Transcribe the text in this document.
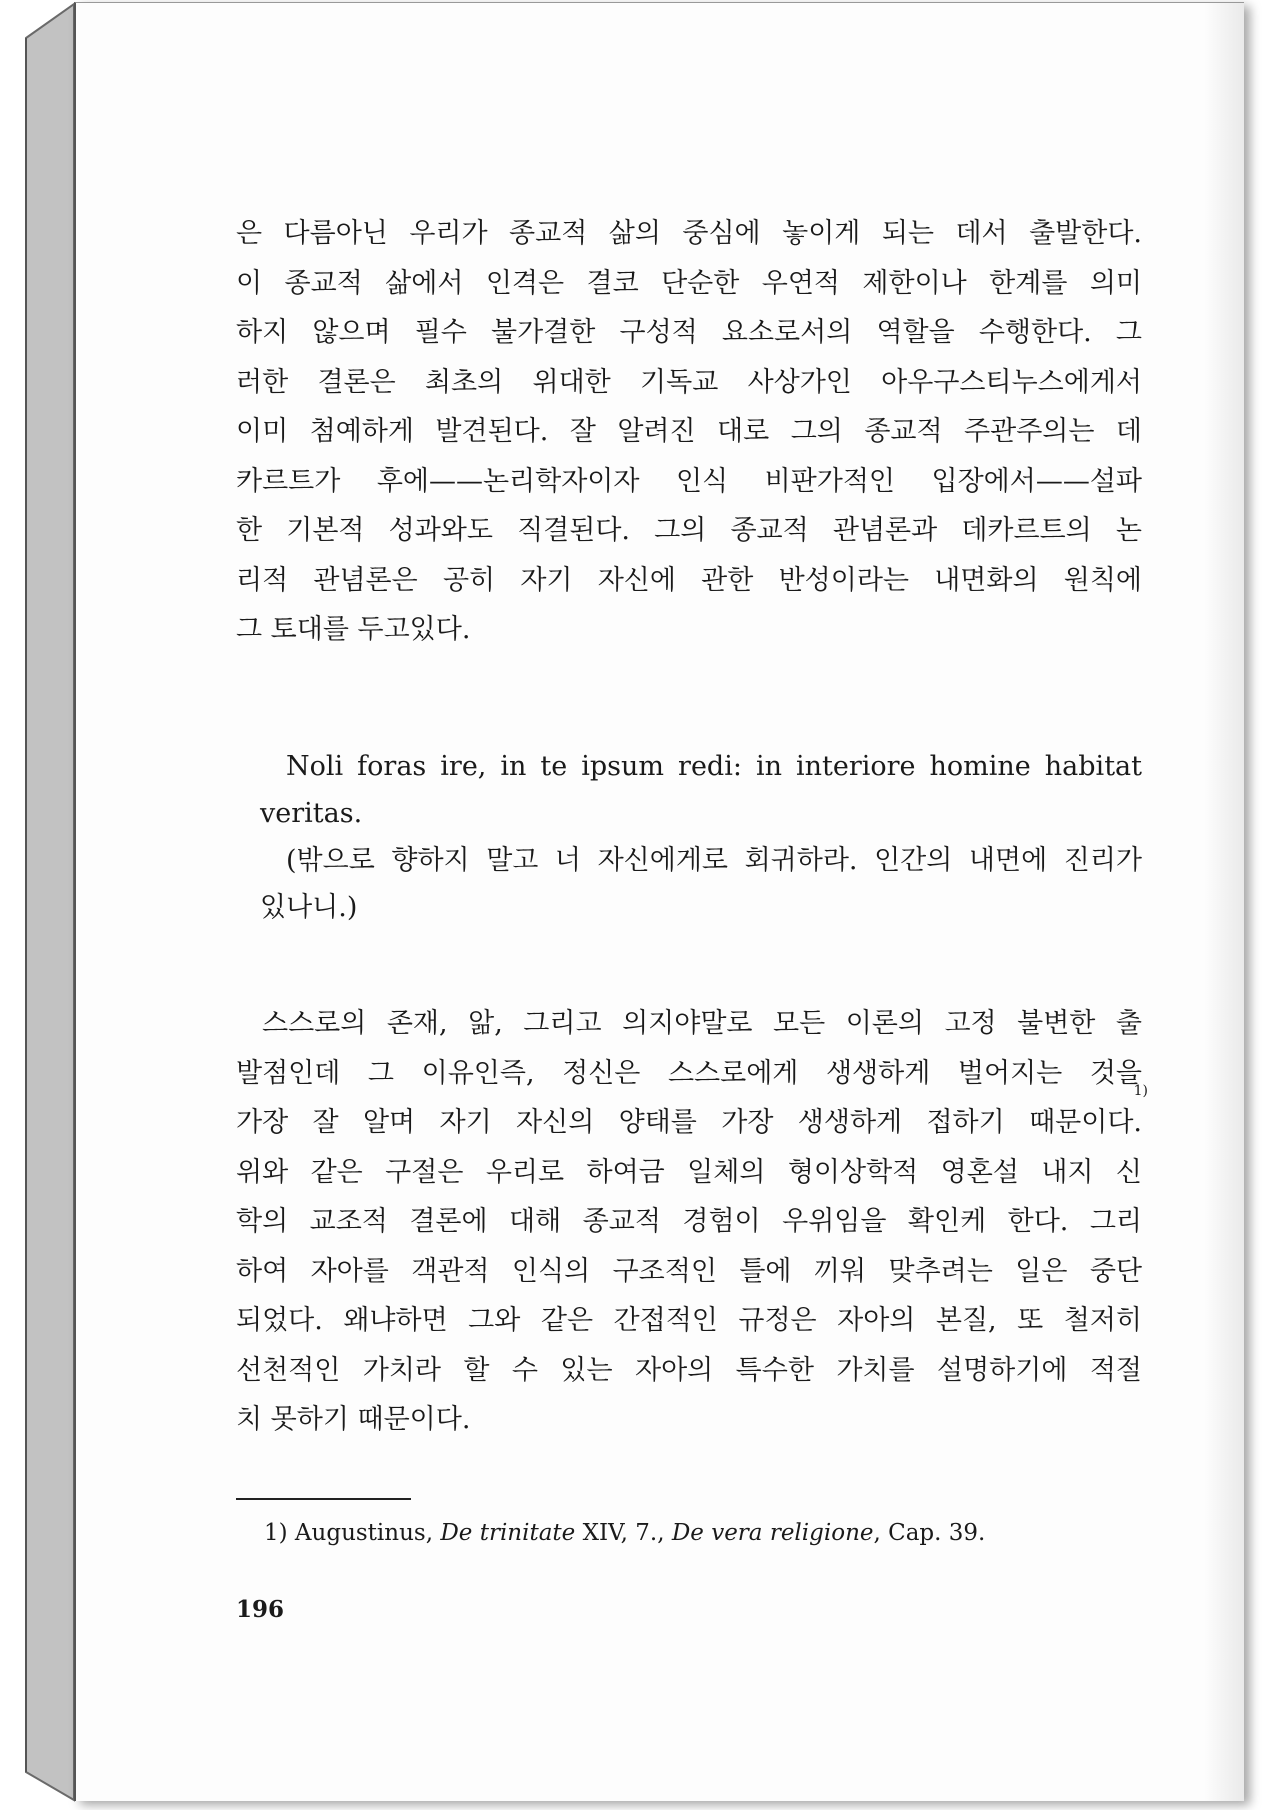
은 다름아닌 우리가 종교적 삶의 중심에 놓이게 되는 데서 출발한다.
이 종교적 삶에서 인격은 결코 단순한 우연적 제한이나 한계를 의미
하지 않으며 필수 불가결한 구성적 요소로서의 역할을 수행한다. 그
러한 결론은 최초의 위대한 기독교 사상가인 아우구스티누스에게서
이미 첨예하게 발견된다. 잘 알려진 대로 그의 종교적 주관주의는 데
카르트가 후에——논리학자이자 인식 비판가적인 입장에서——설파
한 기본적 성과와도 직결된다. 그의 종교적 관념론과 데카르트의 논
리적 관념론은 공히 자기 자신에 관한 반성이라는 내면화의 원칙에
그 토대를 두고있다.
Noli foras ire, in te ipsum redi: in interiore homine habitat
veritas.
(밖으로 향하지 말고 너 자신에게로 회귀하라. 인간의 내면에 진리가
있나니.)
스스로의 존재, 앎, 그리고 의지야말로 모든 이론의 고정 불변한 출
발점인데 그 이유인즉, 정신은 스스로에게 생생하게 벌어지는 것을
가장 잘 알며 자기 자신의 양태를 가장 생생하게 접하기 때문이다.
1)
위와 같은 구절은 우리로 하여금 일체의 형이상학적 영혼설 내지 신
학의 교조적 결론에 대해 종교적 경험이 우위임을 확인케 한다. 그리
하여 자아를 객관적 인식의 구조적인 틀에 끼워 맞추려는 일은 중단
되었다. 왜냐하면 그와 같은 간접적인 규정은 자아의 본질, 또 철저히
선천적인 가치라 할 수 있는 자아의 특수한 가치를 설명하기에 적절
치 못하기 때문이다.
1) Augustinus, De trinitate XIV, 7., De vera religione, Cap. 39.
196
